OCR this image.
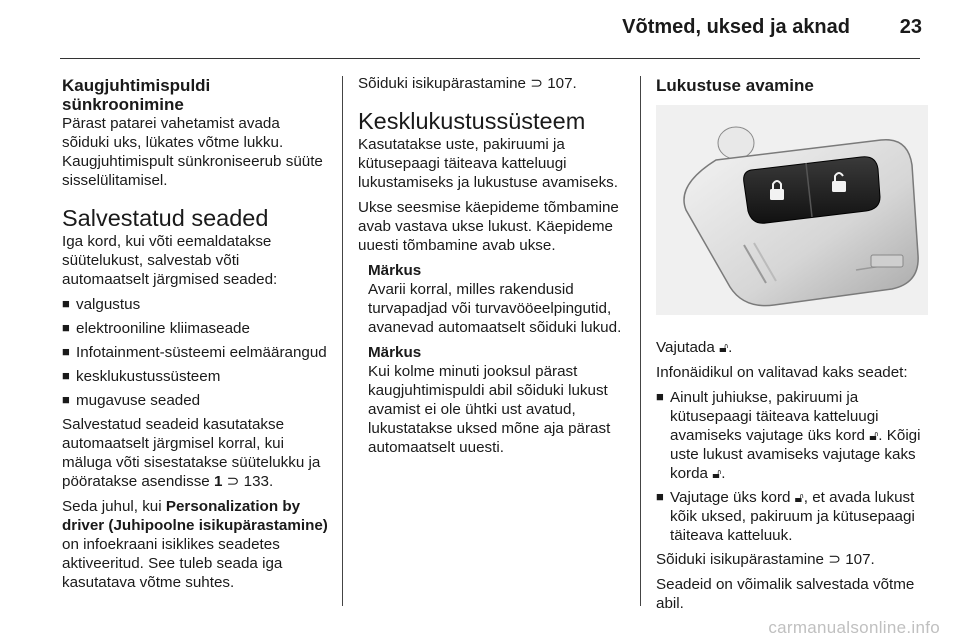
Võtmed, uksed ja aknad 23
Kaugjuhtimispuldi sünkroonimine

Pärast patarei vahetamist avada sõiduki uks, lükates võtme lukku. Kaugjuhtimispult sünkroniseerub süüte sisselülitamisel.

Salvestatud seaded

Iga kord, kui võti eemaldatakse süütelukust, salvestab võti automaatselt järgmised seaded:

■ valgustus
■ elektrooniline kliimaseade
■ Infotainment-süsteemi eelmäärangud
■ kesklukustussüsteem
■ mugavuse seaded

Salvestatud seadeid kasutatakse automaatselt järgmisel korral, kui mäluga võti sisestatakse süütelukku ja pööratakse asendisse 1 ⊃ 133.

Seda juhul, kui Personalization by driver (Juhipoolne isikupärastamine) on infoekraani isiklikes seadetes aktiveeritud. See tuleb seada iga kasutatava võtme suhtes.

Sõiduki isikupärastamine ⊃ 107.

Kesklukustussüsteem

Kasutatakse uste, pakiruumi ja kütusepaagi täiteava katteluugi lukustamiseks ja lukustuse avamiseks.

Ukse seesmise käepideme tõmbamine avab vastava ukse lukust. Käepideme uuesti tõmbamine avab ukse.

Märkus

Avarii korral, milles rakendusid turvapadjad või turvavööeelpingutid, avanevad automaatselt sõiduki lukud.

Märkus

Kui kolme minuti jooksul pärast kaugjuhtimispuldi abil sõiduki lukust avamist ei ole ühtki ust avatud, lukustatakse uksed mõne aja pärast automaatselt uuesti.

Lukustuse avamine

Vajutada 🔓︎.

Infonäidikul on valitavad kaks seadet:

■ Ainult juhiukse, pakiruumi ja kütusepaagi täiteava katteluugi avamiseks vajutage üks kord 🔓︎. Kõigi uste lukust avamiseks vajutage kaks korda 🔓︎.
■ Vajutage üks kord 🔓︎, et avada lukust kõik uksed, pakiruum ja kütusepaagi täiteava katteluuk.

Sõiduki isikupärastamine ⊃ 107.

Seadeid on võimalik salvestada võtme abil.

carmanualsonline.info
